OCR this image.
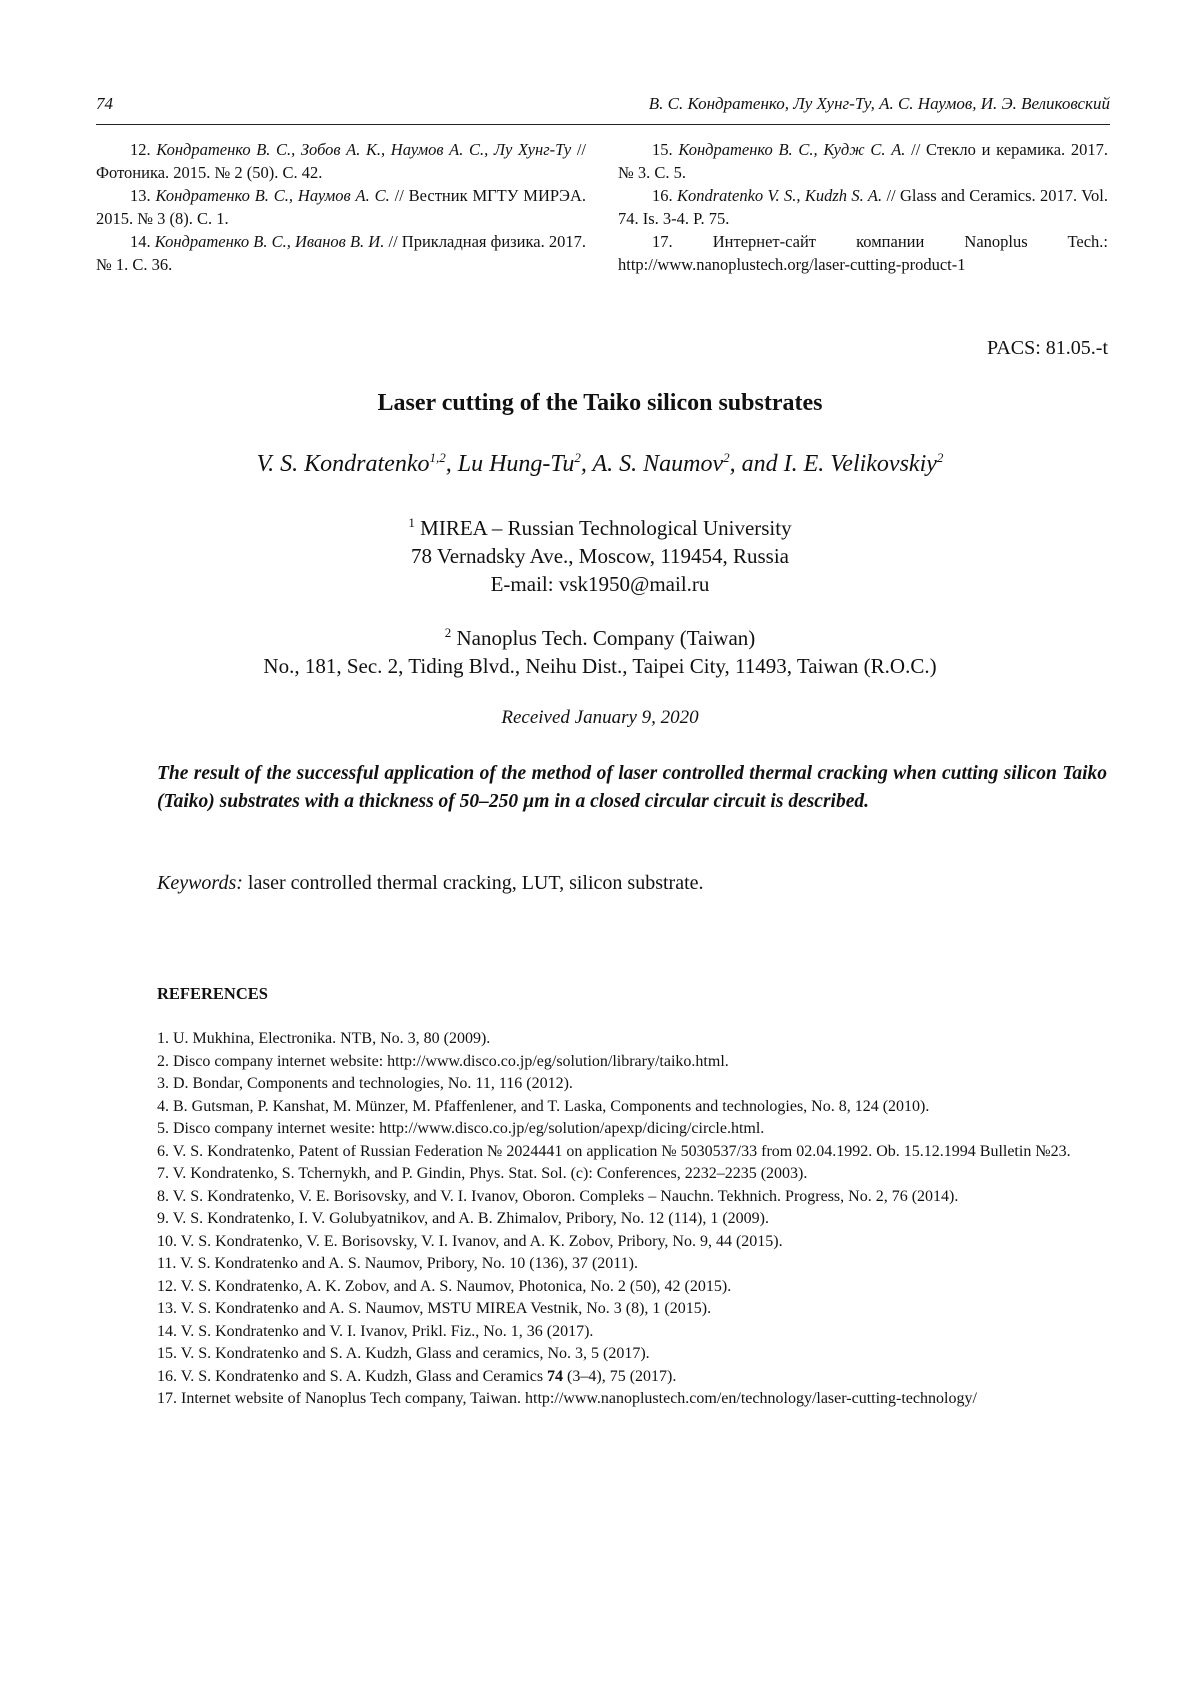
74	В. С. Кондратенко, Лу Хунг-Ту, А. С. Наумов, И. Э. Великовский

12. Кондратенко В. С., Зобов А. К., Наумов А. С., Лу Хунг-Ту // Фотоника. 2015. № 2 (50). С. 42.

13. Кондратенко В. С., Наумов А. С. // Вестник МГТУ МИРЭА. 2015. № 3 (8). С. 1.

14. Кондратенко В. С., Иванов В. И. // Прикладная физика. 2017. № 1. С. 36.

15. Кондратенко В. С., Кудж С. А. // Стекло и керамика. 2017. № 3. С. 5.

16. Kondratenko V. S., Kudzh S. A. // Glass and Ceramics. 2017. Vol. 74. Is. 3-4. P. 75.

17. Интернет-сайт компании Nanoplus Tech.: http://www.nanoplustech.org/laser-cutting-product-1

PACS: 81.05.-t
Laser cutting of the Taiko silicon substrates
V. S. Kondratenko$^{1,2}$, Lu Hung-Tu$^2$, A. S. Naumov$^2$, and I. E. Velikovskiy$^2$
$^1$ MIREA – Russian Technological University
78 Vernadsky Ave., Moscow, 119454, Russia
E-mail: vsk1950@mail.ru
$^2$ Nanoplus Tech. Company (Taiwan)
No., 181, Sec. 2, Tiding Blvd., Neihu Dist., Taipei City, 11493, Taiwan (R.O.C.)
Received January 9, 2020
The result of the successful application of the method of laser controlled thermal cracking when cutting silicon Taiko (Taiko) substrates with a thickness of 50–250 µm in a closed circular circuit is described.
Keywords: laser controlled thermal cracking, LUT, silicon substrate.
REFERENCES

1. U. Mukhina, Electronika. NTB, No. 3, 80 (2009).

2. Disco company internet website: http://www.disco.co.jp/eg/solution/library/taiko.html.

3. D. Bondar, Components and technologies, No. 11, 116 (2012).

4. B. Gutsman, P. Kanshat, M. Münzer, M. Pfaffenlener, and T. Laska, Components and technologies, No. 8, 124 (2010).

5. Disco company internet wesite: http://www.disco.co.jp/eg/solution/apexp/dicing/circle.html.

6. V. S. Kondratenko, Patent of Russian Federation № 2024441 on application № 5030537/33 from 02.04.1992. Ob. 15.12.1994 Bulletin №23.

7. V. Kondratenko, S. Tchernykh, and P. Gindin, Phys. Stat. Sol. (c): Conferences, 2232–2235 (2003).

8. V. S. Kondratenko, V. E. Borisovsky, and V. I. Ivanov, Oboron. Compleks – Nauchn. Tekhnich. Progress, No. 2, 76 (2014).

9. V. S. Kondratenko, I. V. Golubyatnikov, and A. B. Zhimalov, Pribory, No. 12 (114), 1 (2009).

10. V. S. Kondratenko, V. E. Borisovsky, V. I. Ivanov, and A. K. Zobov, Pribory, No. 9, 44 (2015).

11. V. S. Kondratenko and A. S. Naumov, Pribory, No. 10 (136), 37 (2011).

12. V. S. Kondratenko, A. K. Zobov, and A. S. Naumov, Photonica, No. 2 (50), 42 (2015).

13. V. S. Kondratenko and A. S. Naumov, MSTU MIREA Vestnik, No. 3 (8), 1 (2015).

14. V. S. Kondratenko and V. I. Ivanov, Prikl. Fiz., No. 1, 36 (2017).

15. V. S. Kondratenko and S. A. Kudzh, Glass and ceramics, No. 3, 5 (2017).

16. V. S. Kondratenko and S. A. Kudzh, Glass and Ceramics 74 (3–4), 75 (2017).

17. Internet website of Nanoplus Tech company, Taiwan. http://www.nanoplustech.com/en/technology/laser-cutting-technology/
